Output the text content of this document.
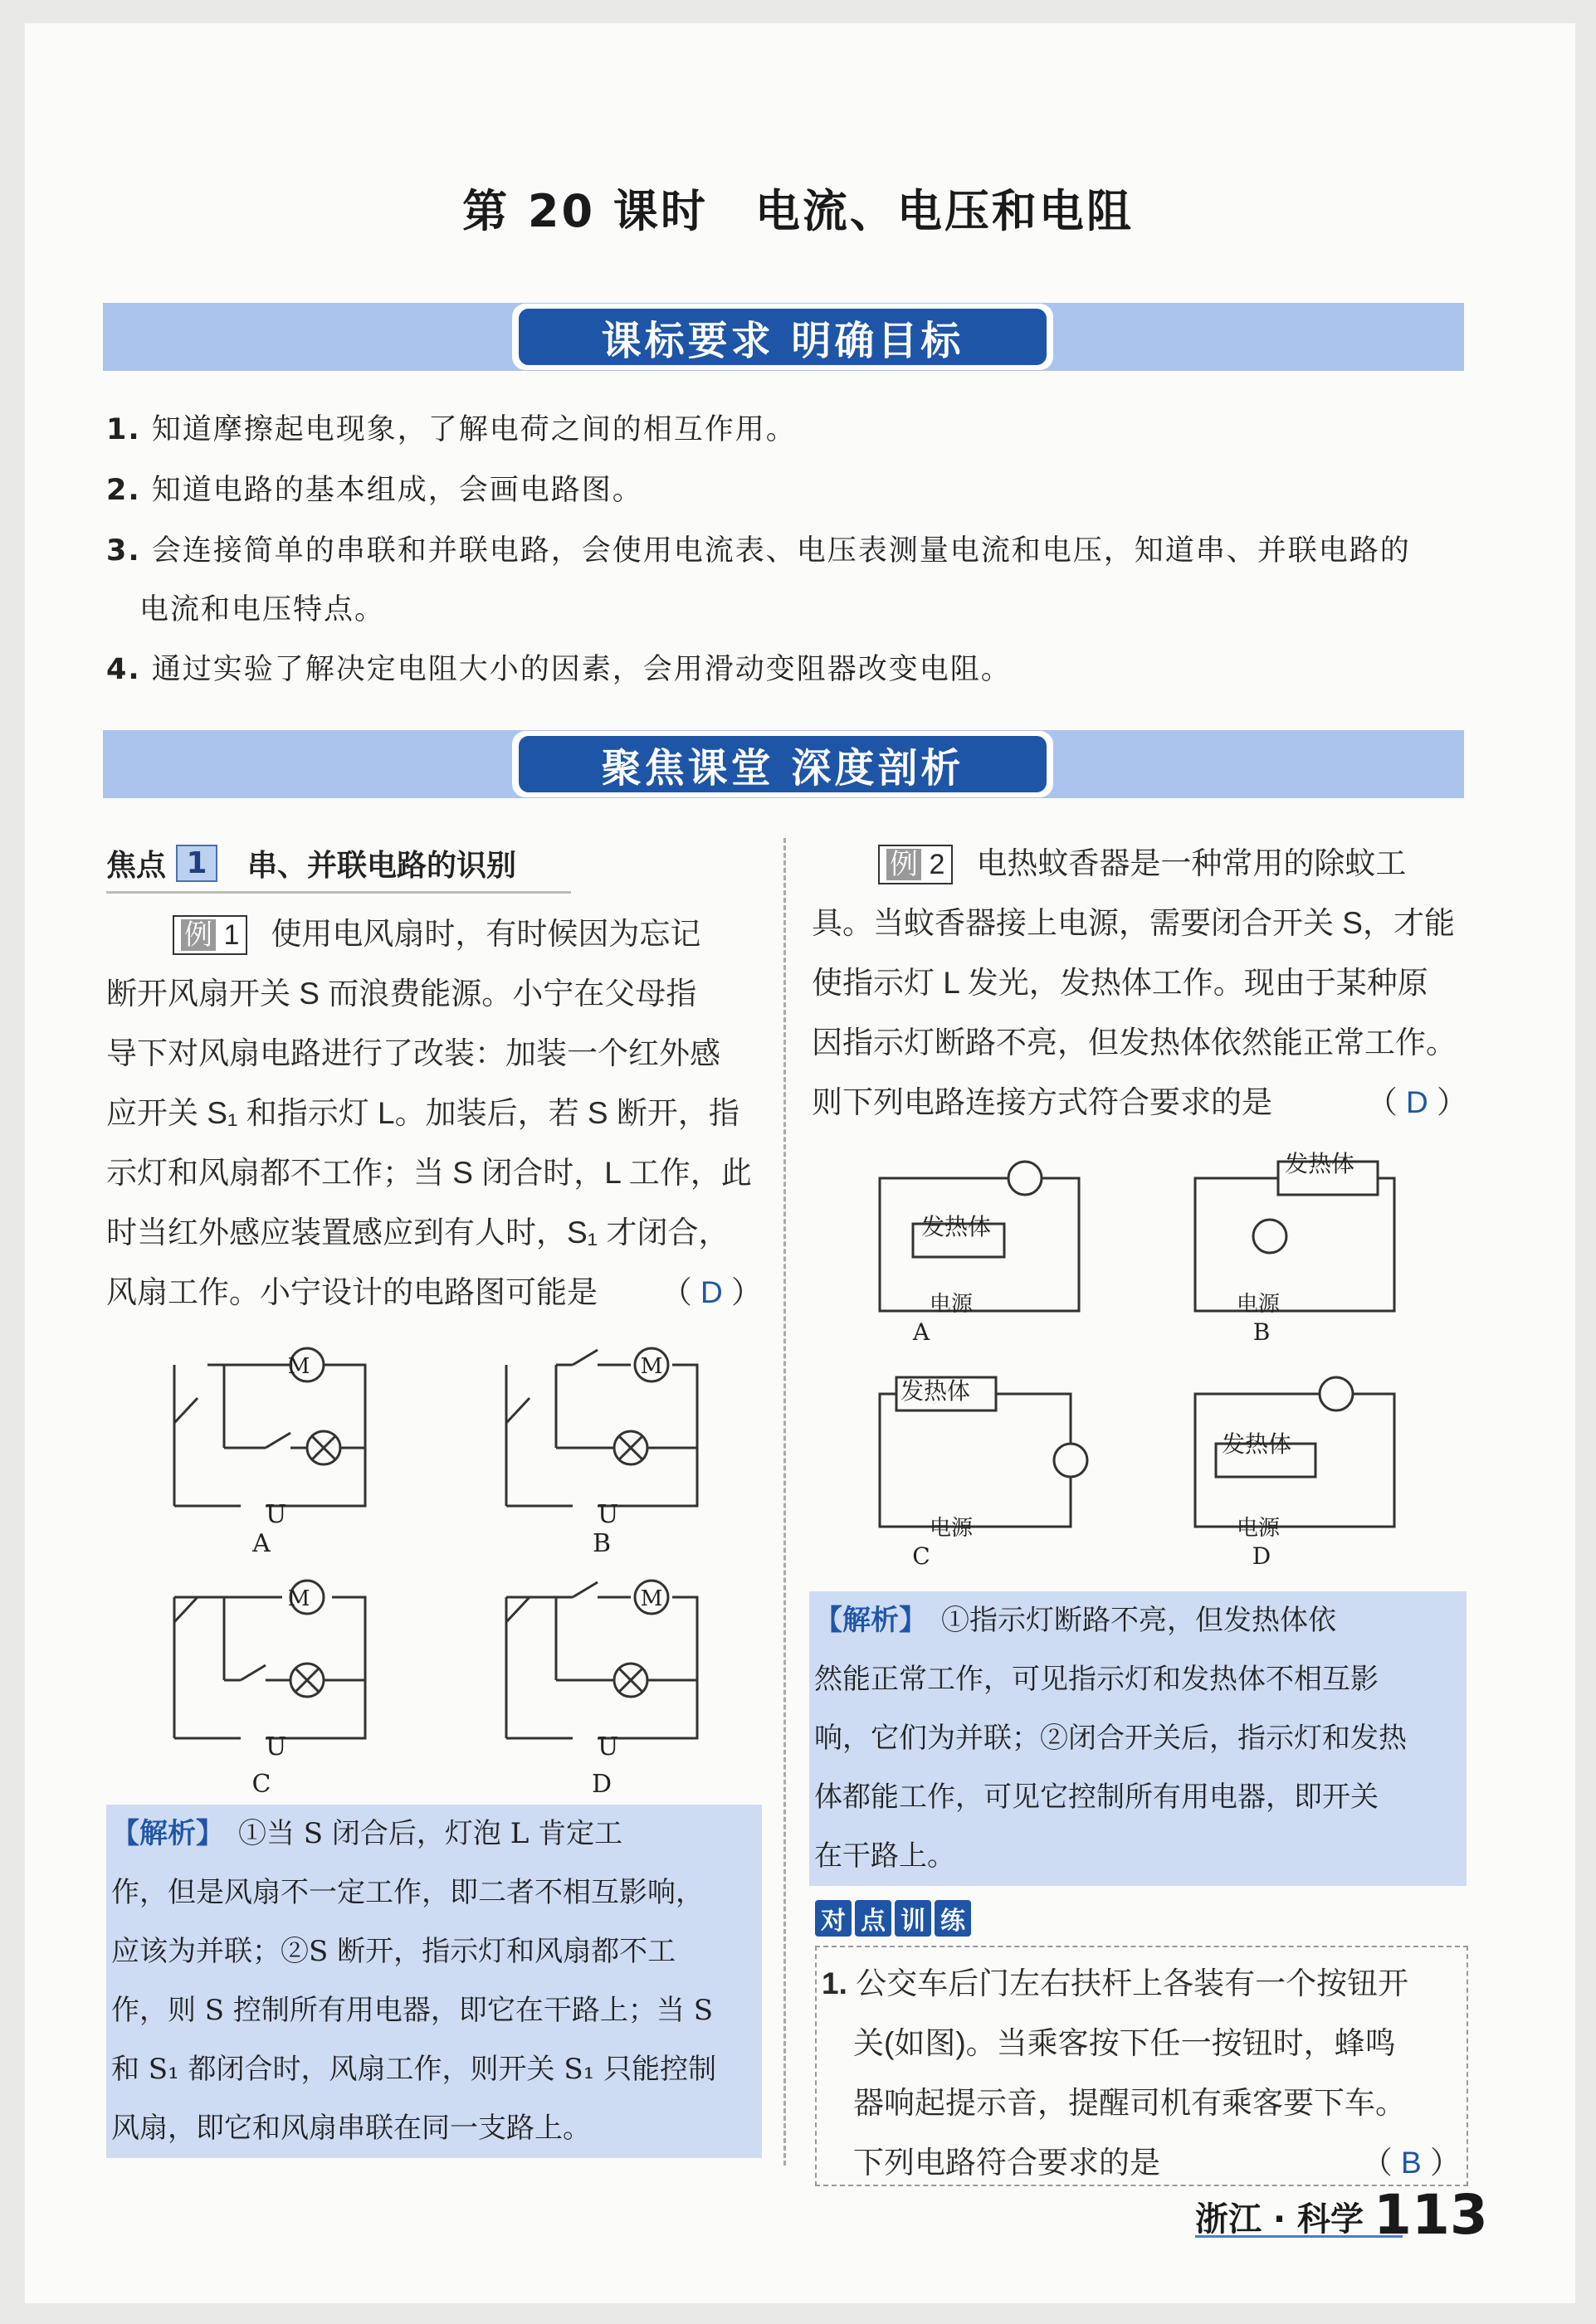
第 20 课时　电流、电压和电阻
课标要求 明确目标
1. 知道摩擦起电现象，了解电荷之间的相互作用。
2. 知道电路的基本组成，会画电路图。
3. 会连接简单的串联和并联电路，会使用电流表、电压表测量电流和电压，知道串、并联电路的
电流和电压特点。
4. 通过实验了解决定电阻大小的因素，会用滑动变阻器改变电阻。
聚焦课堂 深度剖析
焦点 1	串、并联电路的识别
例 1 使用电风扇时，有时候因为忘记
断开风扇开关 S 而浪费能源。小宁在父母指
导下对风扇电路进行了改装：加装一个红外感
应开关 S₁ 和指示灯 L。加装后，若 S 断开，指
示灯和风扇都不工作；当 S 闭合时，L 工作，此
时当红外感应装置感应到有人时，S₁ 才闭合，
风扇工作。小宁设计的电路图可能是 （ D ）
M	M
M	M
U	U
U	U
A	B
C	D
【解析】　 ①当 S 闭合后，灯泡 L 肯定工
作，但是风扇不一定工作，即二者不相互影响，
应该为并联；②S 断开，指示灯和风扇都不工
作，则 S 控制所有用电器，即它在干路上；当 S
和 S₁ 都闭合时，风扇工作，则开关 S₁ 只能控制
风扇，即它和风扇串联在同一支路上。
例 2 电热蚊香器是一种常用的除蚊工
具。当蚊香器接上电源，需要闭合开关 S，才能
使指示灯 L 发光，发热体工作。现由于某种原
因指示灯断路不亮，但发热体依然能正常工作。
则下列电路连接方式符合要求的是	（ D ）
发热体
发热体
发热体
发热体
电源	电源
电源	电源
A	B
C	D
【解析】　 ①指示灯断路不亮，但发热体依
然能正常工作，可见指示灯和发热体不相互影
响，它们为并联；②闭合开关后，指示灯和发热
体都能工作，可见它控制所有用电器，即开关
在干路上。
对 点 训 练
1. 公交车后门左右扶杆上各装有一个按钮开
关(如图)。当乘客按下任一按钮时，蜂鸣
器响起提示音，提醒司机有乘客要下车。
下列电路符合要求的是	（ B ）
浙江 · 科学 113
